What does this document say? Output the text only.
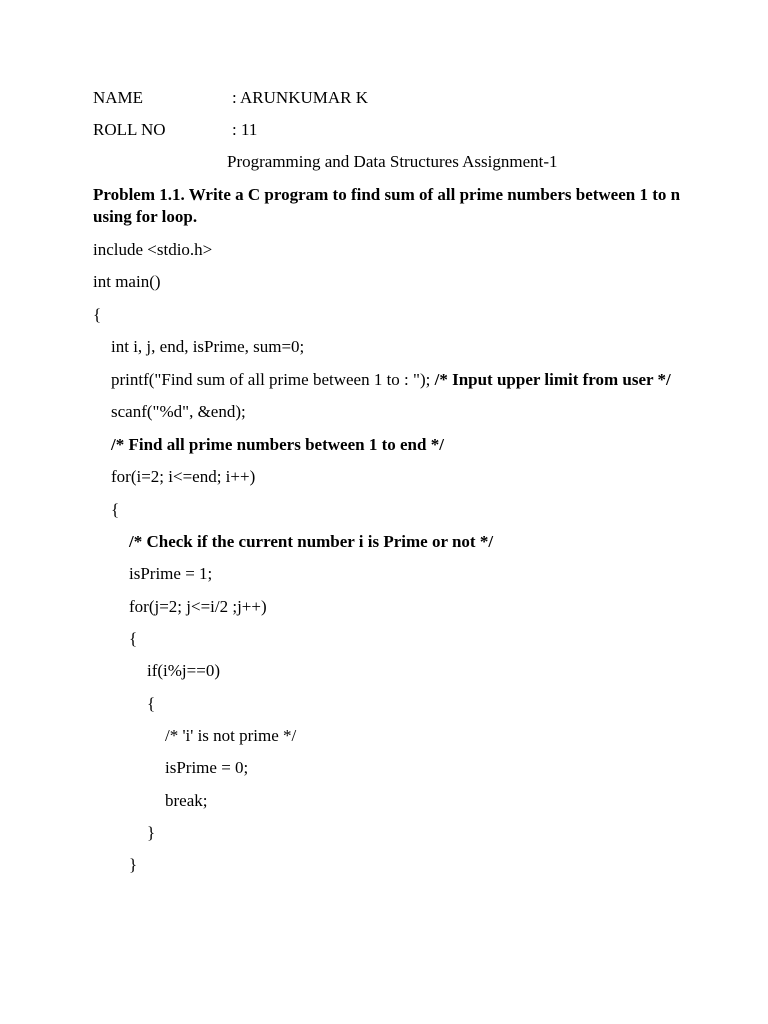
NAME	: ARUNKUMAR K
ROLL NO	: 11
Programming and Data Structures Assignment-1
Problem 1.1. Write a C program to find sum of all prime numbers between 1 to n using for loop.
include <stdio.h>
int main()
{
int i, j, end, isPrime, sum=0;
printf("Find sum of all prime between 1 to : "); /* Input upper limit from user */
scanf("%d", &end);
/* Find all prime numbers between 1 to end */
for(i=2; i<=end; i++)
{
/* Check if the current number i is Prime or not */
isPrime = 1;
for(j=2; j<=i/2 ;j++)
{
if(i%j==0)
{
/* 'i' is not prime */
isPrime = 0;
break;
}
}
